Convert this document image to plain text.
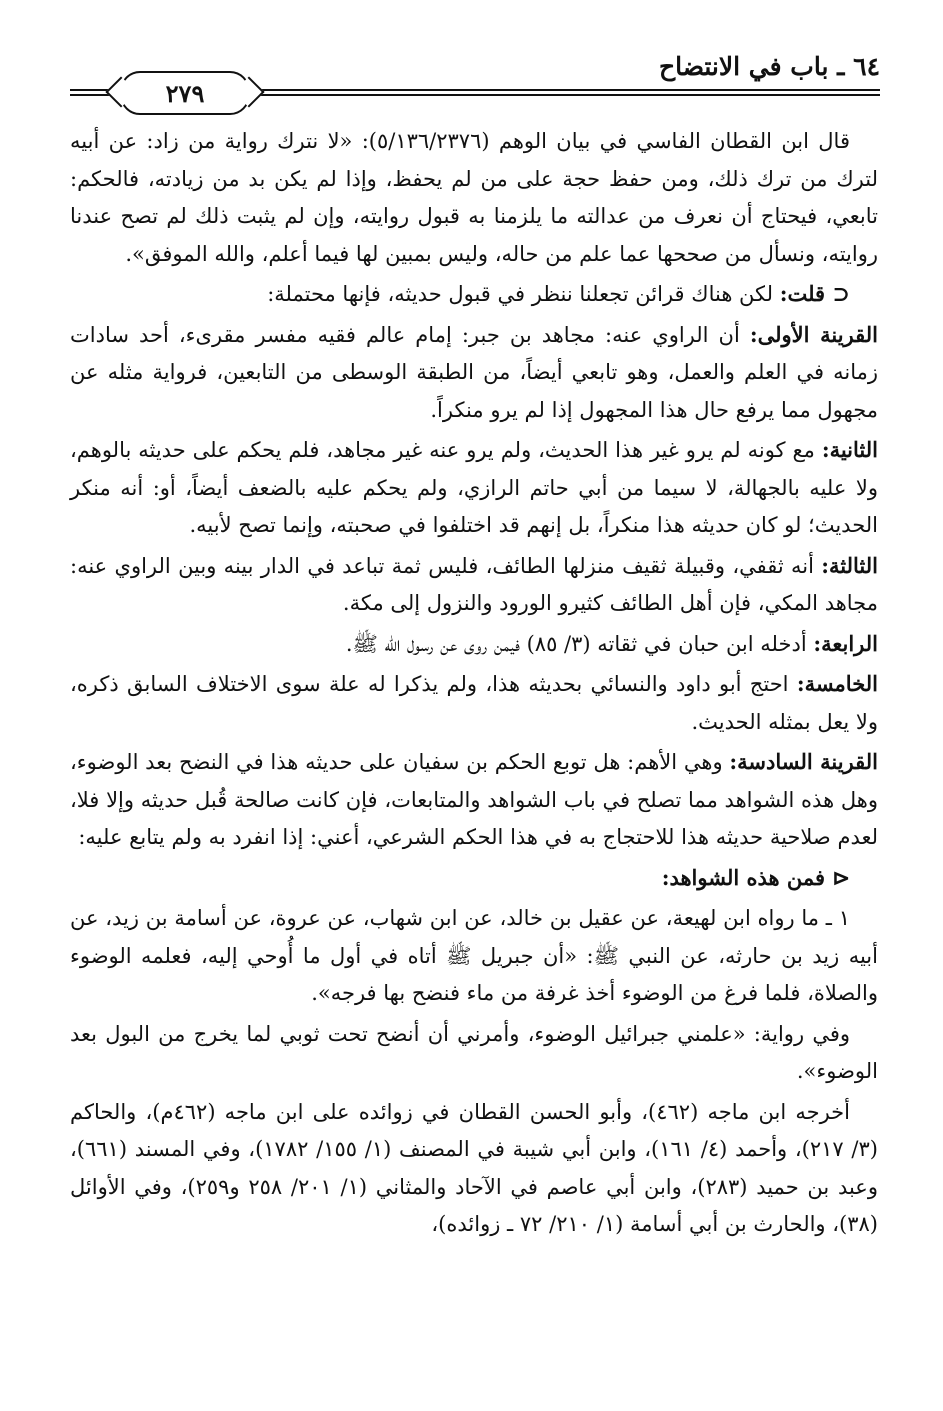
٦٤ ـ باب في الانتضاح
٢٧٩

قال ابن القطان الفاسي في بيان الوهم (٥/١٣٦/٢٣٧٦): «لا نترك رواية من زاد: عن أبيه لترك من ترك ذلك، ومن حفظ حجة على من لم يحفظ، وإذا لم يكن بد من زيادته، فالحكم: تابعي، فيحتاج أن نعرف من عدالته ما يلزمنا به قبول روايته، وإن لم يثبت ذلك لم تصح عندنا روايته، ونسأل من صححها عما علم من حاله، وليس بمبين لها فيما أعلم، والله الموفق».

⊂ قلت: لكن هناك قرائن تجعلنا ننظر في قبول حديثه، فإنها محتملة:

القرينة الأولى: أن الراوي عنه: مجاهد بن جبر: إمام عالم فقيه مفسر مقرىء، أحد سادات زمانه في العلم والعمل، وهو تابعي أيضاً، من الطبقة الوسطى من التابعين، فرواية مثله عن مجهول مما يرفع حال هذا المجهول إذا لم يرو منكراً.

الثانية: مع كونه لم يرو غير هذا الحديث، ولم يرو عنه غير مجاهد، فلم يحكم على حديثه بالوهم، ولا عليه بالجهالة، لا سيما من أبي حاتم الرازي، ولم يحكم عليه بالضعف أيضاً، أو: أنه منكر الحديث؛ لو كان حديثه هذا منكراً، بل إنهم قد اختلفوا في صحبته، وإنما تصح لأبيه.

الثالثة: أنه ثقفي، وقبيلة ثقيف منزلها الطائف، فليس ثمة تباعد في الدار بينه وبين الراوي عنه: مجاهد المكي، فإن أهل الطائف كثيرو الورود والنزول إلى مكة.

الرابعة: أدخله ابن حبان في ثقاته (٣/ ٨٥) فيمن روى عن رسول الله ﷺ.

الخامسة: احتج أبو داود والنسائي بحديثه هذا، ولم يذكرا له علة سوى الاختلاف السابق ذكره، ولا يعل بمثله الحديث.

القرينة السادسة: وهي الأهم: هل توبع الحكم بن سفيان على حديثه هذا في النضح بعد الوضوء، وهل هذه الشواهد مما تصلح في باب الشواهد والمتابعات، فإن كانت صالحة قُبل حديثه وإلا فلا، لعدم صلاحية حديثه هذا للاحتجاج به في هذا الحكم الشرعي، أعني: إذا انفرد به ولم يتابع عليه:

⊲ فمن هذه الشواهد:

١ ـ ما رواه ابن لهيعة، عن عقيل بن خالد، عن ابن شهاب، عن عروة، عن أسامة بن زيد، عن أبيه زيد بن حارثه، عن النبي ﷺ: «أن جبريل ﷺ أتاه في أول ما أُوحي إليه، فعلمه الوضوء والصلاة، فلما فرغ من الوضوء أخذ غرفة من ماء فنضح بها فرجه».

وفي رواية: «علمني جبرائيل الوضوء، وأمرني أن أنضح تحت ثوبي لما يخرج من البول بعد الوضوء».

أخرجه ابن ماجه (٤٦٢)، وأبو الحسن القطان في زوائده على ابن ماجه (٤٦٢م)، والحاكم (٣/ ٢١٧)، وأحمد (٤/ ١٦١)، وابن أبي شيبة في المصنف (١/ ١٥٥/ ١٧٨٢)، وفي المسند (٦٦١)، وعبد بن حميد (٢٨٣)، وابن أبي عاصم في الآحاد والمثاني (١/ ٢٠١/ ٢٥٨ و٢٥٩)، وفي الأوائل (٣٨)، والحارث بن أبي أسامة (١/ ٢١٠/ ٧٢ ـ زوائده)،
